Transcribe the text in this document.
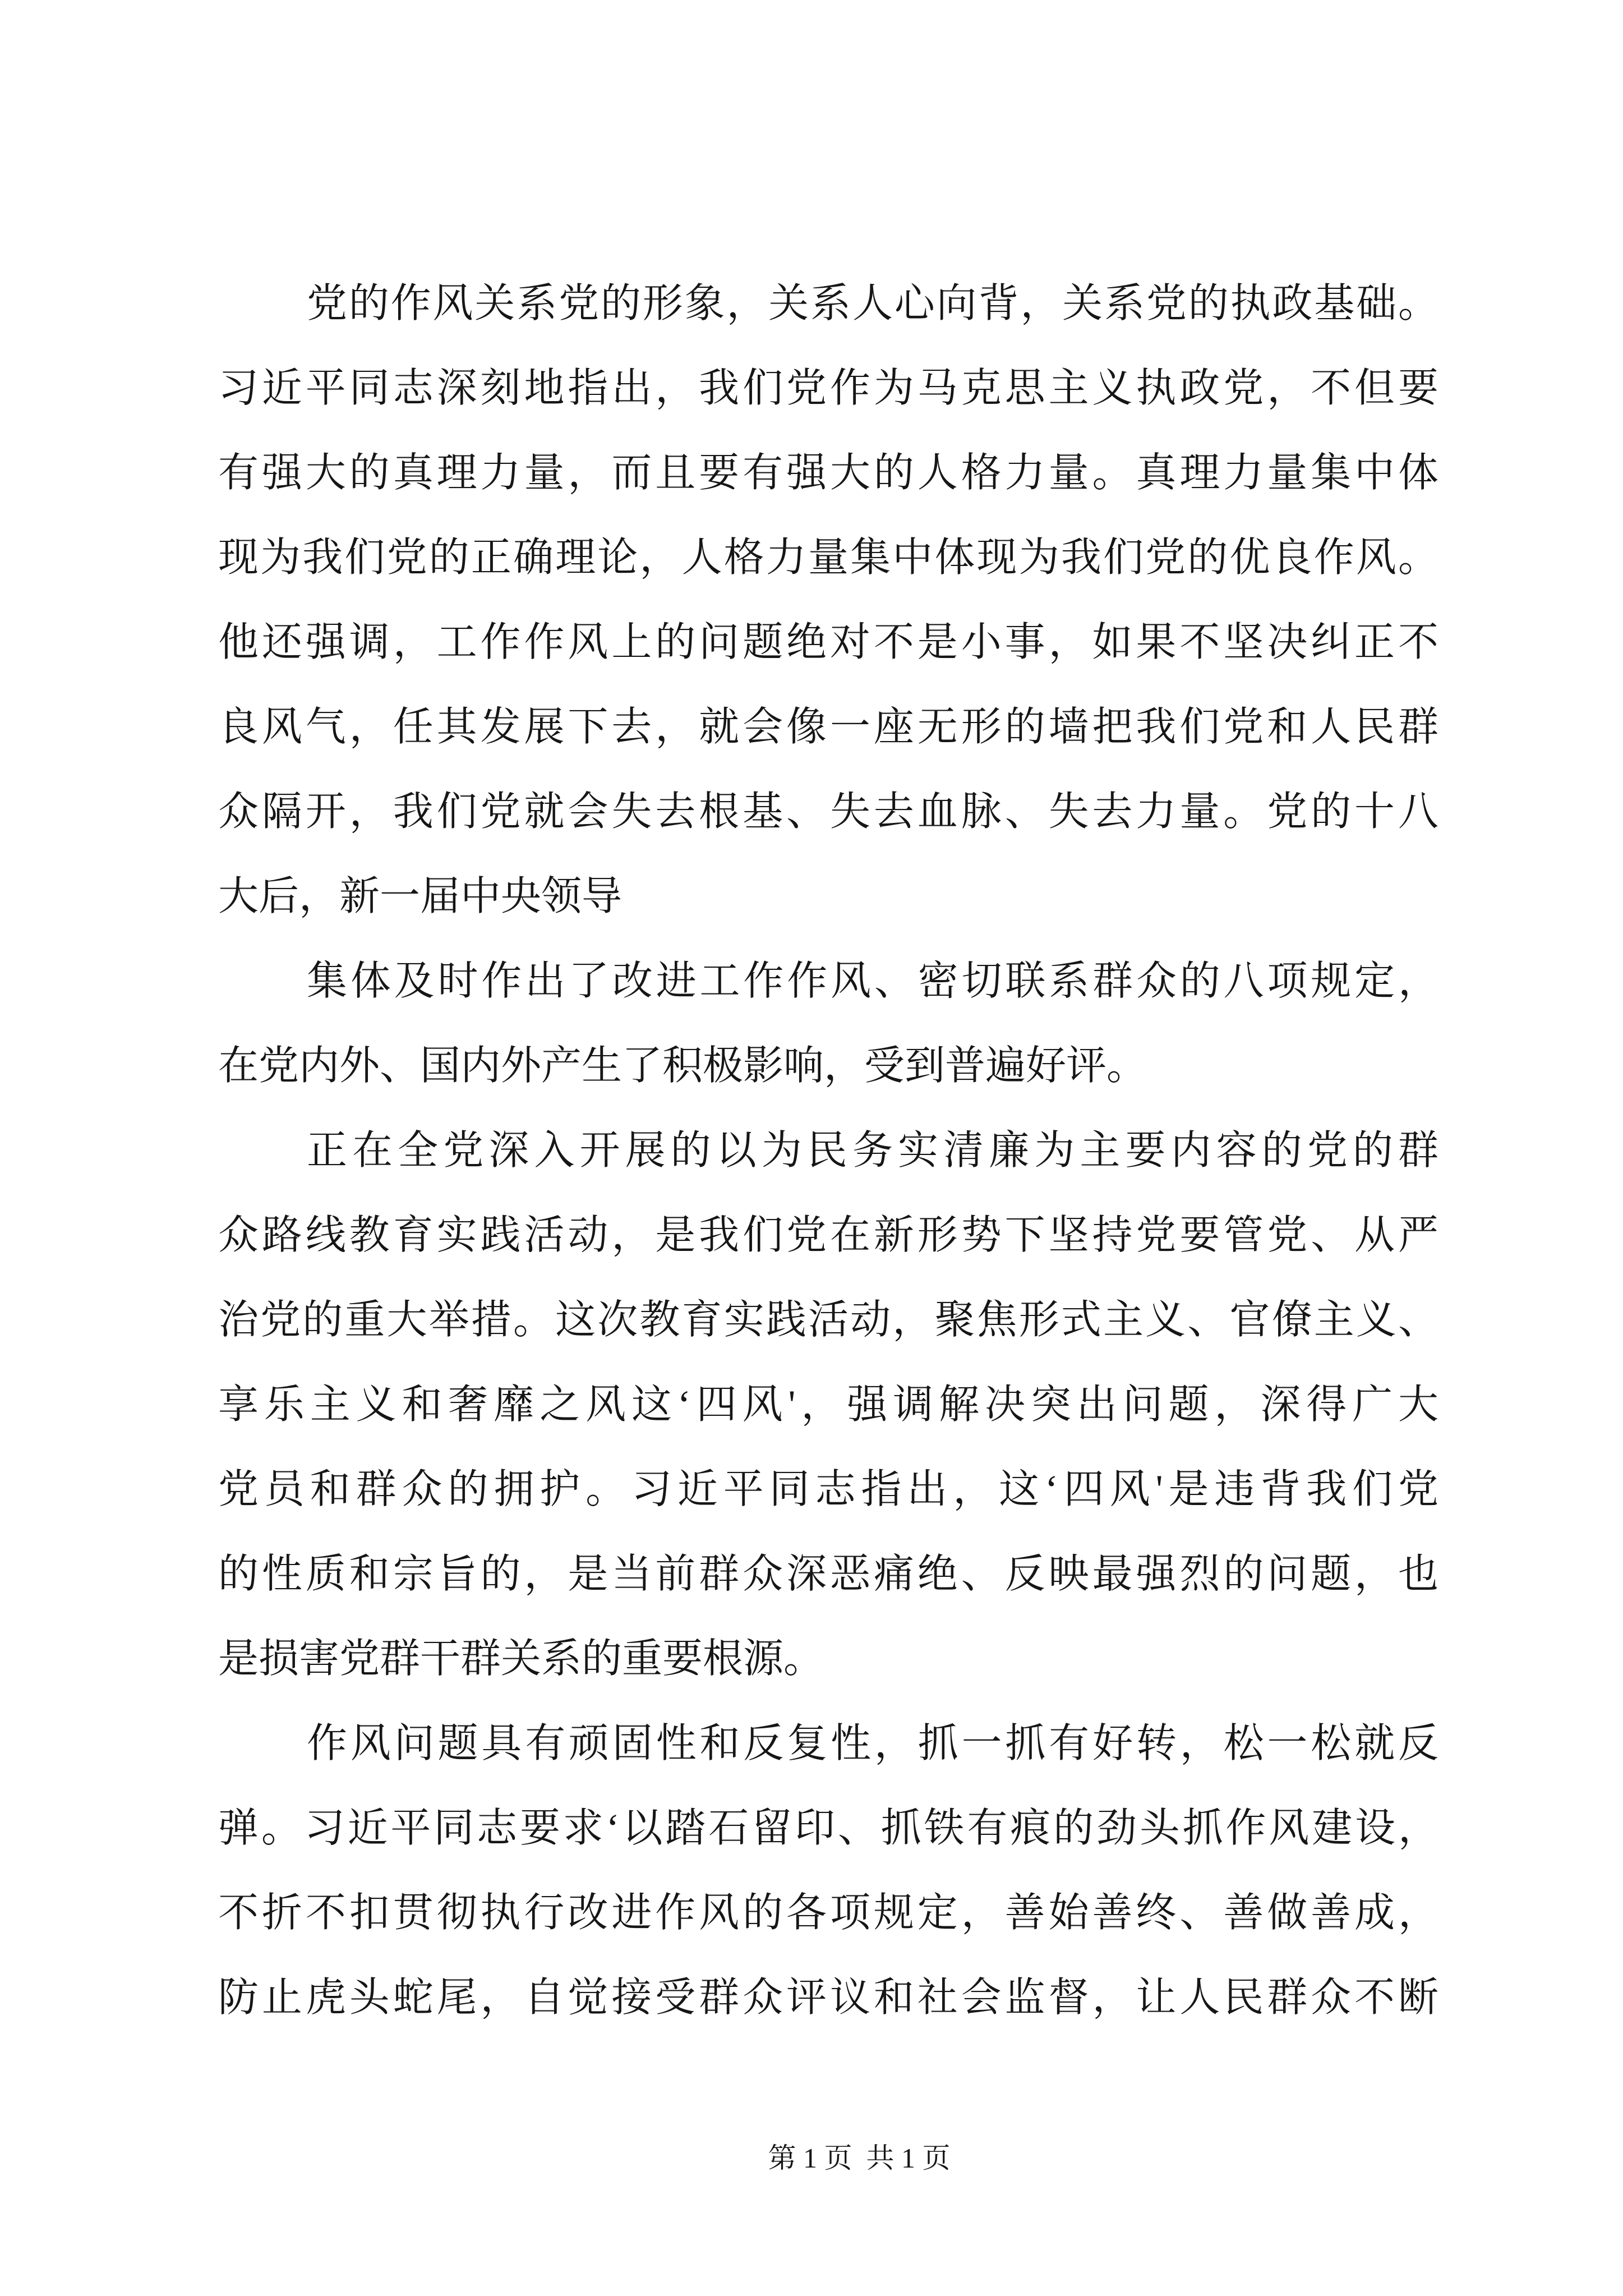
党的作风关系党的形象，关系人心向背，关系党的执政基础。
习近平同志深刻地指出，我们党作为马克思主义执政党，不但要
有强大的真理力量，而且要有强大的人格力量。真理力量集中体
现为我们党的正确理论，人格力量集中体现为我们党的优良作风。
他还强调，工作作风上的问题绝对不是小事，如果不坚决纠正不
良风气，任其发展下去，就会像一座无形的墙把我们党和人民群
众隔开，我们党就会失去根基、失去血脉、失去力量。党的十八
大后，新一届中央领导
集体及时作出了改进工作作风、密切联系群众的八项规定，
在党内外、国内外产生了积极影响，受到普遍好评。
正在全党深入开展的以为民务实清廉为主要内容的党的群
众路线教育实践活动，是我们党在新形势下坚持党要管党、从严
治党的重大举措。这次教育实践活动，聚焦形式主义、官僚主义、
享乐主义和奢靡之风这‘四风'，强调解决突出问题，深得广大
党员和群众的拥护。习近平同志指出，这‘四风'是违背我们党
的性质和宗旨的，是当前群众深恶痛绝、反映最强烈的问题，也
是损害党群干群关系的重要根源。
作风问题具有顽固性和反复性，抓一抓有好转，松一松就反
弹。习近平同志要求‘以踏石留印、抓铁有痕的劲头抓作风建设，
不折不扣贯彻执行改进作风的各项规定，善始善终、善做善成，
防止虎头蛇尾，自觉接受群众评议和社会监督，让人民群众不断
第 1 页  共 1 页
